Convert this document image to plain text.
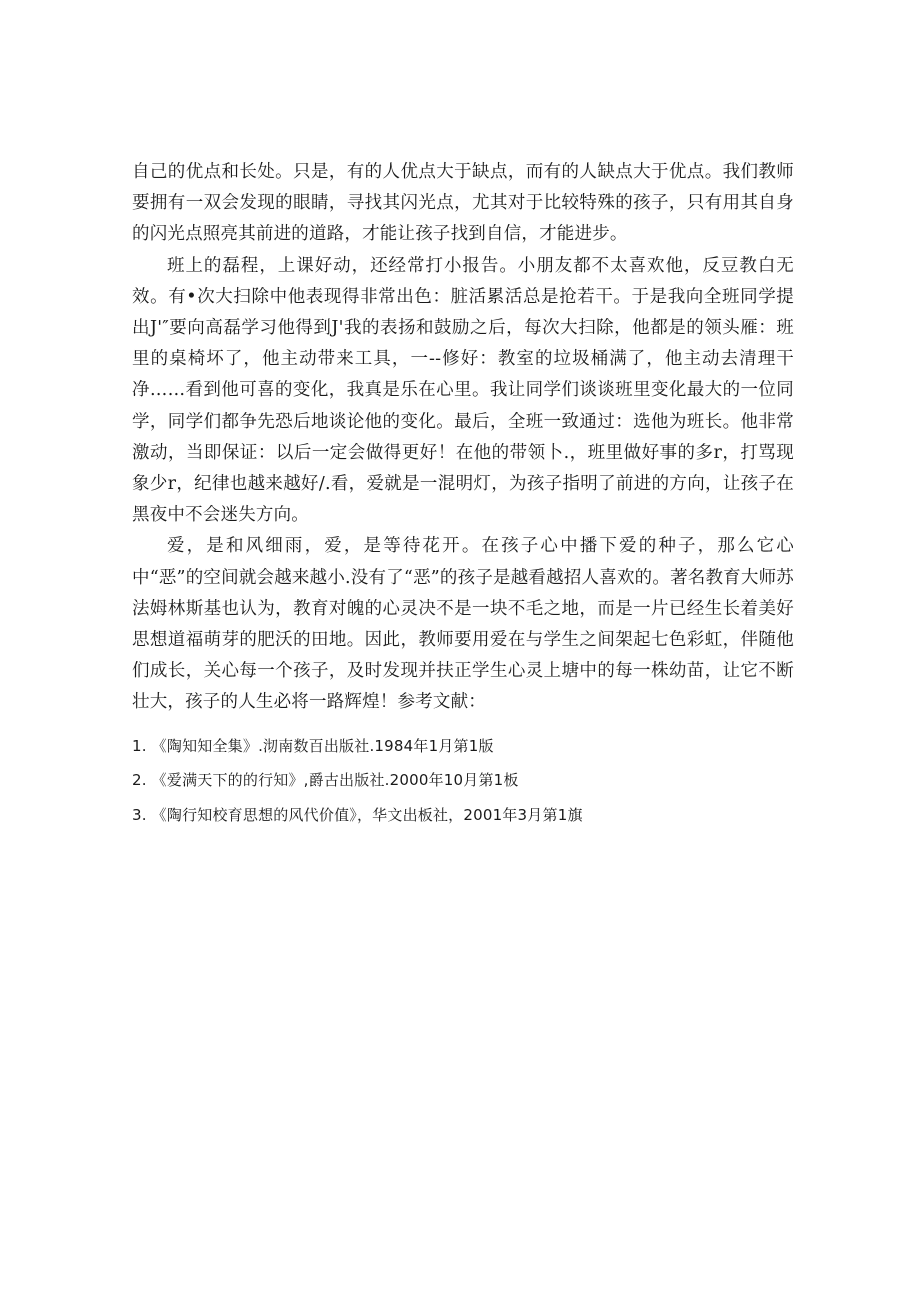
自己的优点和长处。只是，有的人优点大于缺点，而有的人缺点大于优点。我们教师要拥有一双会发现的眼睛，寻找其闪光点，尤其对于比较特殊的孩子，只有用其自身的闪光点照亮其前进的道路，才能让孩子找到自信，才能进步。

班上的磊程，上课好动，还经常打小报告。小朋友都不太喜欢他，反豆教白无效。有•次大扫除中他表现得非常出色：脏活累活总是抢若干。于是我向全班同学提出J'″要向高磊学习他得到J'我的表扬和鼓励之后，每次大扫除，他都是的领头雁：班里的桌椅坏了，他主动带来工具，一--修好：教室的垃圾桶满了，他主动去清理干净……看到他可喜的变化，我真是乐在心里。我让同学们谈谈班里变化最大的一位同学，同学们都争先恐后地谈论他的变化。最后，全班一致通过：选他为班长。他非常激动，当即保证：以后一定会做得更好！在他的带领卜.，班里做好事的多r，打骂现象少r，纪律也越来越好/.看，爱就是一混明灯，为孩子指明了前进的方向，让孩子在黑夜中不会迷失方向。

爱，是和风细雨，爱，是等待花开。在孩子心中播下爱的种子，那么它心中“恶”的空间就会越来越小.没有了“恶”的孩子是越看越招人喜欢的。著名教育大师苏法姆林斯基也认为，教育对魄的心灵决不是一块不毛之地，而是一片已经生长着美好思想道福萌芽的肥沃的田地。因此，教师要用爱在与学生之间架起七色彩虹，伴随他们成长，关心每一个孩子，及时发现并扶正学生心灵上塘中的每一株幼苗，让它不断壮大，孩子的人生必将一路辉煌！参考文献：

1. 《陶知知全集》.沏南数百出版社.1984年1月第1版
2. 《爱满天下的的行知》,爵古出版社.2000年10月第1板
3. 《陶行知校育思想的风代价值》，华文出板社，2001年3月第1旗
